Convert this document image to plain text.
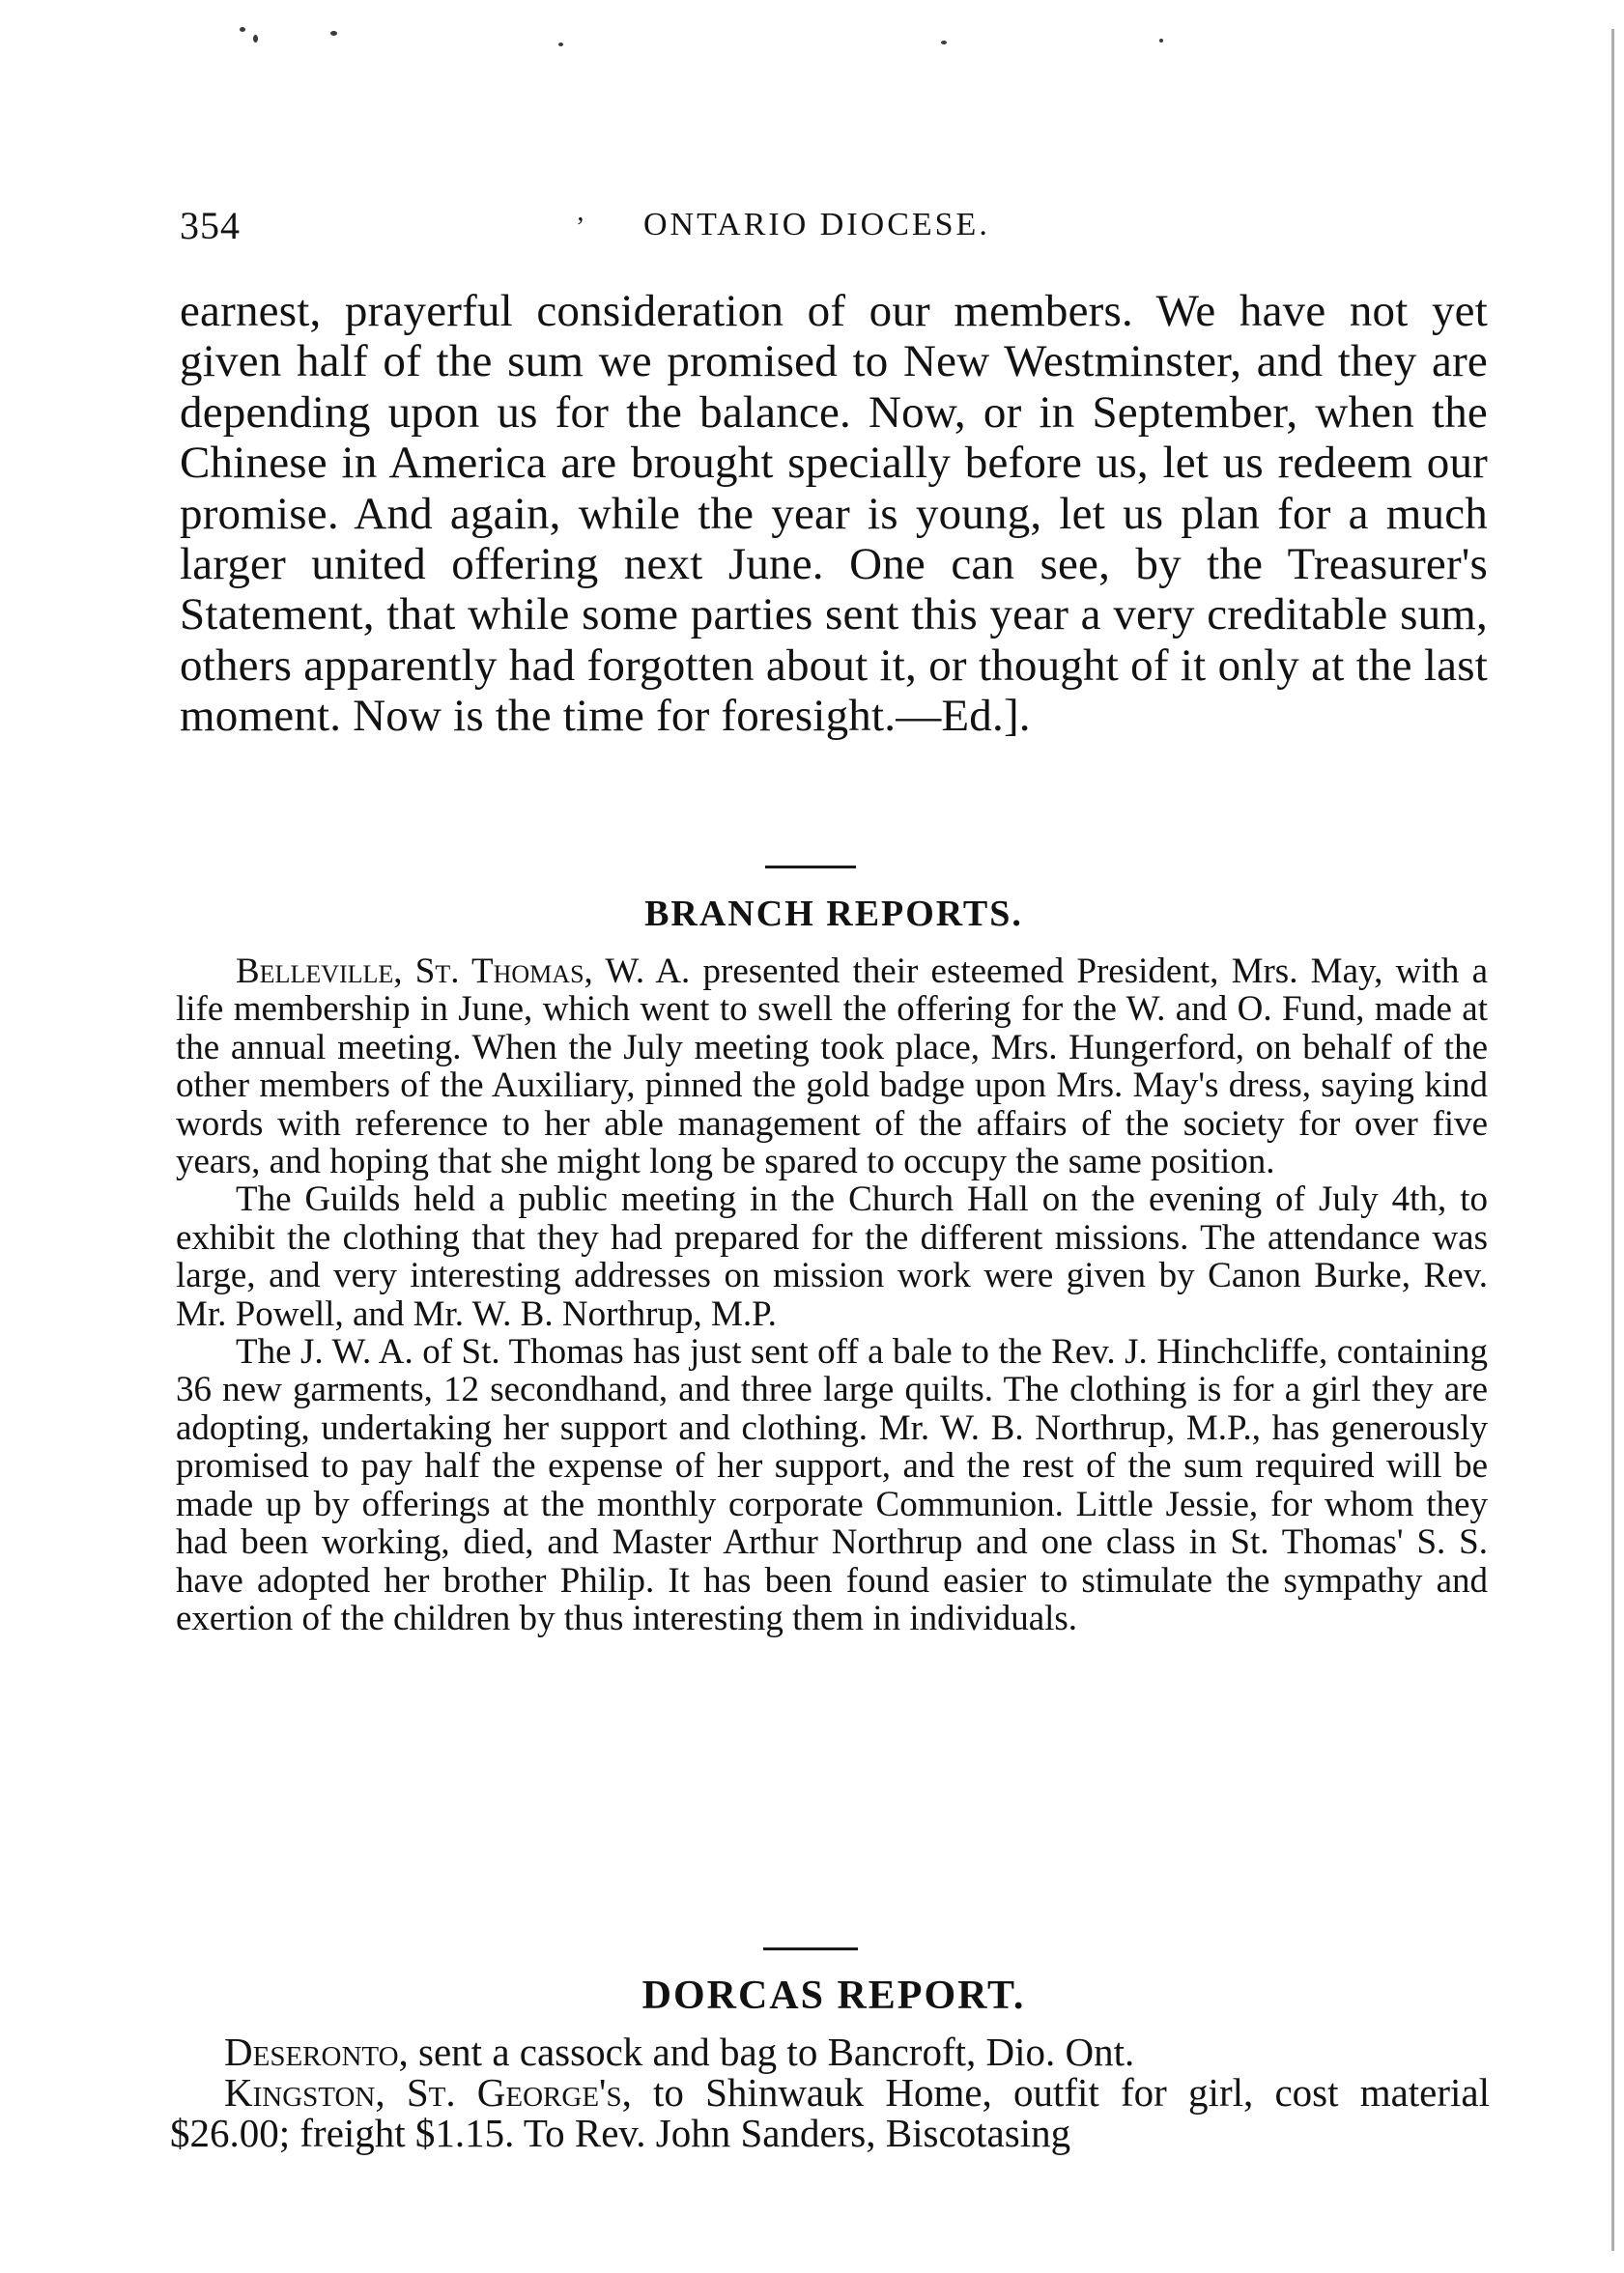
354	’ ONTARIO DIOCESE.

earnest, prayerful consideration of our members. We have not yet given half of the sum we promised to New Westminster, and they are depending upon us for the balance. Now, or in September, when the Chinese in America are brought specially before us, let us redeem our promise. And again, while the year is young, let us plan for a much larger united offering next June. One can see, by the Treasurer's Statement, that while some parties sent this year a very creditable sum, others apparently had forgotten about it, or thought of it only at the last moment. Now is the time for foresight.—Ed.].

BRANCH REPORTS.

Belleville, St. Thomas, W. A. presented their esteemed President, Mrs. May, with a life membership in June, which went to swell the offering for the W. and O. Fund, made at the annual meeting. When the July meeting took place, Mrs. Hungerford, on behalf of the other members of the Auxiliary, pinned the gold badge upon Mrs. May's dress, saying kind words with reference to her able management of the affairs of the society for over five years, and hoping that she might long be spared to occupy the same position.

The Guilds held a public meeting in the Church Hall on the evening of July 4th, to exhibit the clothing that they had prepared for the different missions. The attendance was large, and very interesting addresses on mission work were given by Canon Burke, Rev. Mr. Powell, and Mr. W. B. Northrup, M.P.

The J. W. A. of St. Thomas has just sent off a bale to the Rev. J. Hinchcliffe, containing 36 new garments, 12 secondhand, and three large quilts. The clothing is for a girl they are adopting, undertaking her support and clothing. Mr. W. B. Northrup, M.P., has generously promised to pay half the expense of her support, and the rest of the sum required will be made up by offerings at the monthly corporate Communion. Little Jessie, for whom they had been working, died, and Master Arthur Northrup and one class in St. Thomas' S. S. have adopted her brother Philip. It has been found easier to stimulate the sympathy and exertion of the children by thus interesting them in individuals.

DORCAS REPORT.

Deseronto, sent a cassock and bag to Bancroft, Dio. Ont.

Kingston, St. George's, to Shinwauk Home, outfit for girl, cost material $26.00; freight $1.15. To Rev. John Sanders, Biscotasing
